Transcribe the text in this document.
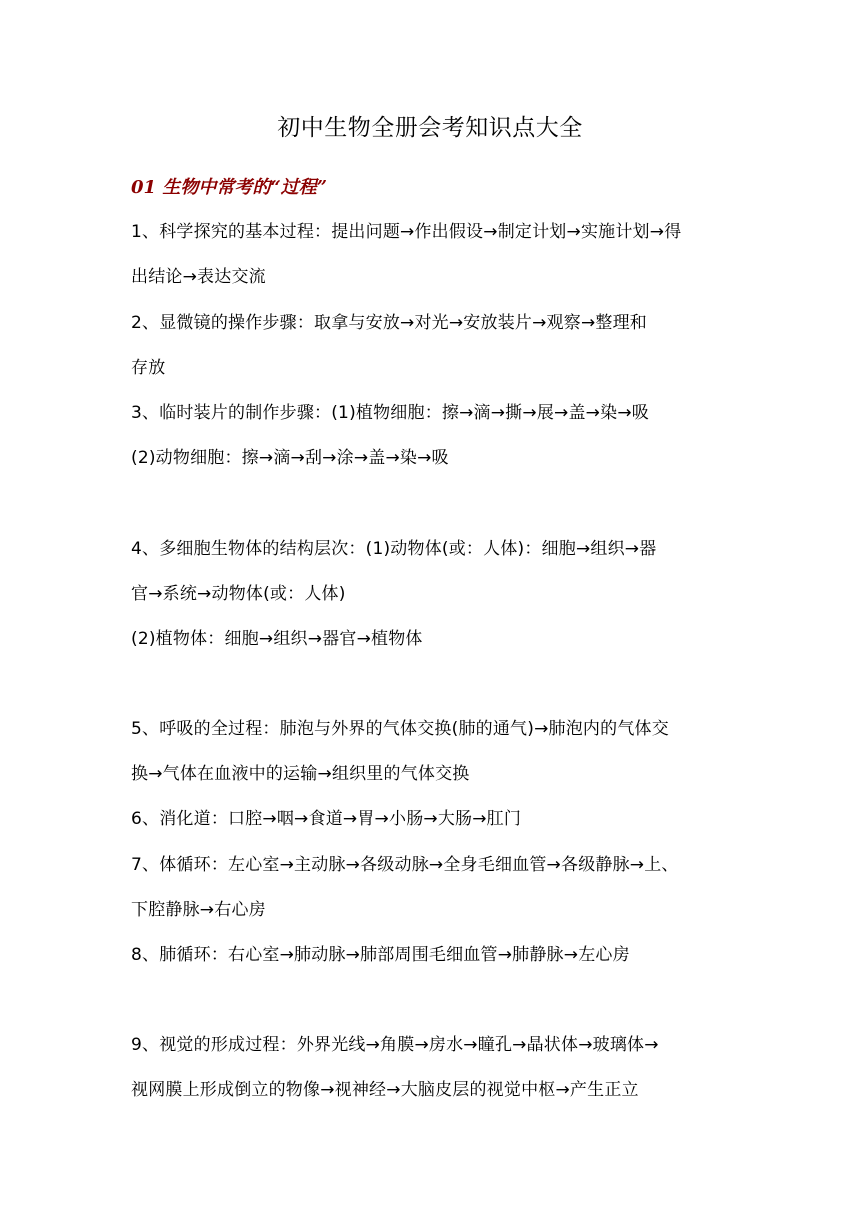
初中生物全册会考知识点大全
01 生物中常考的“过程”
1、科学探究的基本过程：提出问题→作出假设→制定计划→实施计划→得
出结论→表达交流
2、显微镜的操作步骤：取拿与安放→对光→安放装片→观察→整理和
存放
3、临时装片的制作步骤：(1)植物细胞：擦→滴→撕→展→盖→染→吸
(2)动物细胞：擦→滴→刮→涂→盖→染→吸
4、多细胞生物体的结构层次：(1)动物体(或：人体)：细胞→组织→器
官→系统→动物体(或：人体)
(2)植物体：细胞→组织→器官→植物体
5、呼吸的全过程：肺泡与外界的气体交换(肺的通气)→肺泡内的气体交
换→气体在血液中的运输→组织里的气体交换
6、消化道：口腔→咽→食道→胃→小肠→大肠→肛门
7、体循环：左心室→主动脉→各级动脉→全身毛细血管→各级静脉→上、
下腔静脉→右心房
8、肺循环：右心室→肺动脉→肺部周围毛细血管→肺静脉→左心房
9、视觉的形成过程：外界光线→角膜→房水→瞳孔→晶状体→玻璃体→
视网膜上形成倒立的物像→视神经→大脑皮层的视觉中枢→产生正立
